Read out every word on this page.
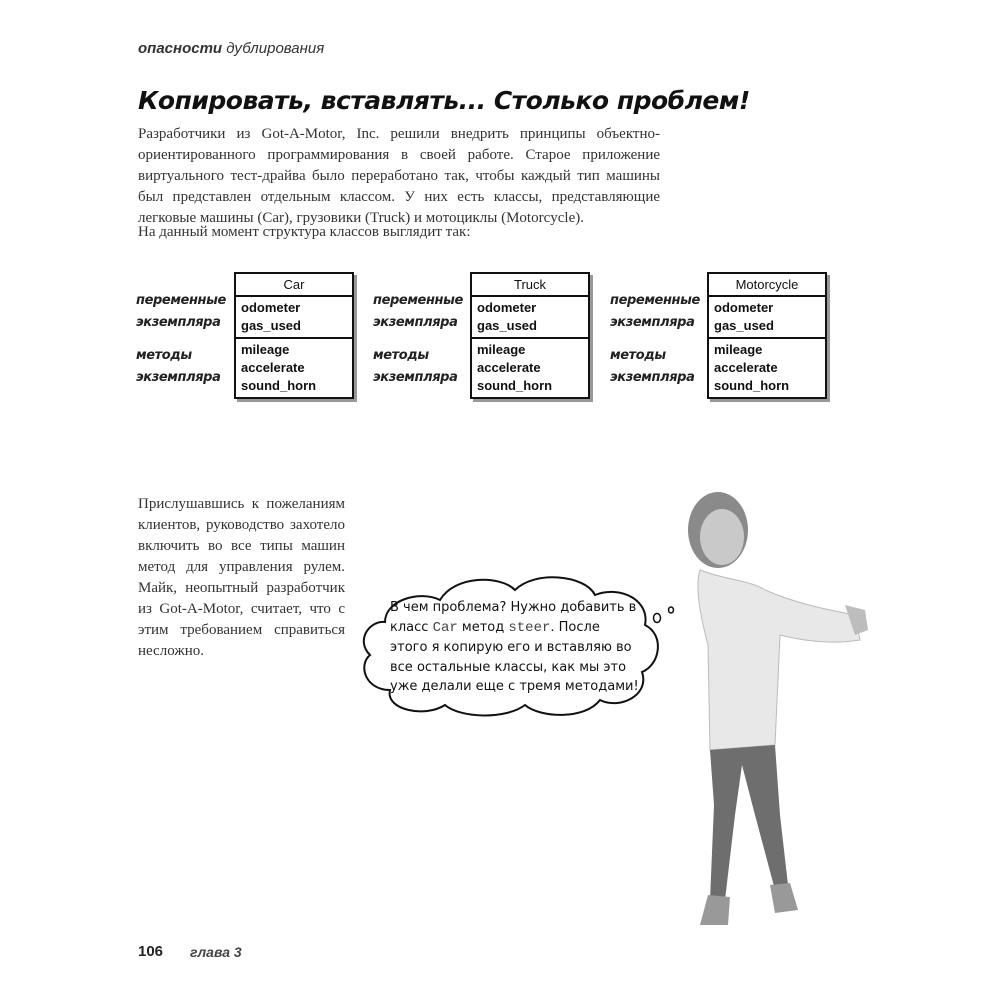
опасности дублирования
Копировать, вставлять... Столько проблем!
Разработчики из Got-A-Motor, Inc. решили внедрить принципы объектно-ориентированного программирования в своей работе. Старое приложение виртуального тест-драйва было переработано так, чтобы каждый тип машины был представлен отдельным классом. У них есть классы, представляющие легковые машины (Car), грузовики (Truck) и мотоциклы (Motorcycle).
На данный момент структура классов выглядит так:
переменные экземпляра
методы экземпляра
Car
odometer
gas_used
mileage
accelerate
sound_horn
переменные экземпляра
методы экземпляра
Truck
odometer
gas_used
mileage
accelerate
sound_horn
переменные экземпляра
методы экземпляра
Motorcycle
odometer
gas_used
mileage
accelerate
sound_horn
Прислушавшись к пожеланиям клиентов, руководство захотело включить во все типы машин метод для управления рулем. Майк, неопытный разработчик из Got-A-Motor, считает, что с этим требованием справиться несложно.
В чем проблема? Нужно добавить в класс Car метод steer. После этого я копирую его и вставляю во все остальные классы, как мы это уже делали еще с тремя методами!
106 глава 3
